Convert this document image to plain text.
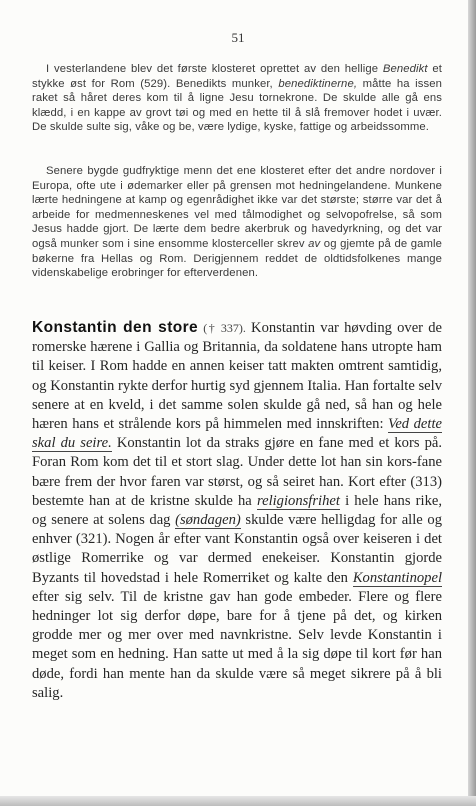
51

I vesterlandene blev det første klosteret oprettet av den hellige Benedikt et stykke øst for Rom (529). Benedikts munker, benediktinerne, måtte ha issen raket så håret deres kom til å ligne Jesu tornekrone. De skulde alle gå ens klædd, i en kappe av grovt tøi og med en hette til å slå fremover hodet i uvær. De skulde sulte sig, våke og be, være lydige, kyske, fattige og arbeidssomme.

Senere bygde gudfryktige menn det ene klosteret efter det andre nordover i Europa, ofte ute i ødemarker eller på grensen mot hedningelandene. Munkene lærte hedningene at kamp og egenrådighet ikke var det største; større var det å arbeide for medmenneskenes vel med tålmodighet og selvopofrelse, så som Jesus hadde gjort. De lærte dem bedre akerbruk og havedyrkning, og det var også munker som i sine ensomme klosterceller skrev av og gjemte på de gamle bøkerne fra Hellas og Rom. Derigjennem reddet de oldtidsfolkenes mange videnskabelige erobringer for efterverdenen.

Konstantin den store († 337). Konstantin var høvding over de romerske hærene i Gallia og Britannia, da soldatene hans utropte ham til keiser. I Rom hadde en annen keiser tatt makten omtrent samtidig, og Konstantin rykte derfor hurtig syd gjennem Italia. Han fortalte selv senere at en kveld, i det samme solen skulde gå ned, så han og hele hæren hans et strålende kors på himmelen med innskriften: Ved dette skal du seire. Konstantin lot da straks gjøre en fane med et kors på. Foran Rom kom det til et stort slag. Under dette lot han sin kors-fane bære frem der hvor faren var størst, og så seiret han. Kort efter (313) bestemte han at de kristne skulde ha religionsfrihet i hele hans rike, og senere at solens dag (søndagen) skulde være helligdag for alle og enhver (321). Nogen år efter vant Konstantin også over keiseren i det østlige Romerrike og var dermed enekeiser. Konstantin gjorde Byzants til hovedstad i hele Romerriket og kalte den Konstantinopel efter sig selv. Til de kristne gav han gode embeder. Flere og flere hedninger lot sig derfor døpe, bare for å tjene på det, og kirken grodde mer og mer over med navnkristne. Selv levde Konstantin i meget som en hedning. Han satte ut med å la sig døpe til kort før han døde, fordi han mente han da skulde være så meget sikrere på å bli salig.
